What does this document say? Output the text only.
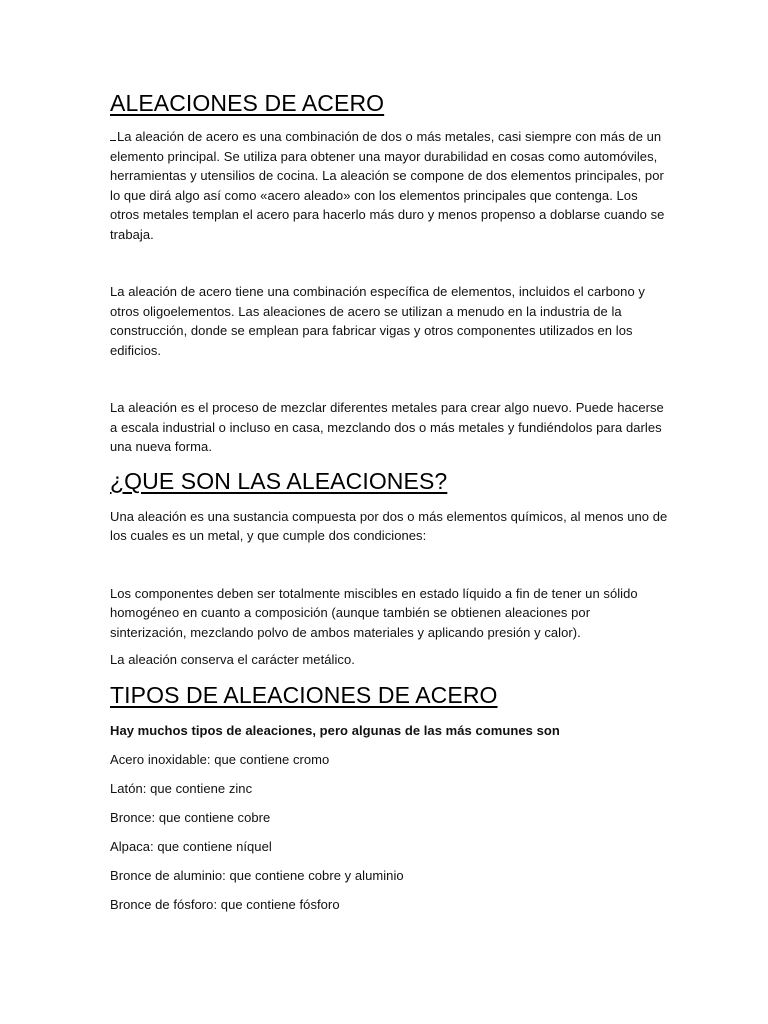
ALEACIONES DE ACERO

La aleación de acero es una combinación de dos o más metales, casi siempre con más de un elemento principal. Se utiliza para obtener una mayor durabilidad en cosas como automóviles, herramientas y utensilios de cocina. La aleación se compone de dos elementos principales, por lo que dirá algo así como «acero aleado» con los elementos principales que contenga. Los otros metales templan el acero para hacerlo más duro y menos propenso a doblarse cuando se trabaja.

La aleación de acero tiene una combinación específica de elementos, incluidos el carbono y otros oligoelementos. Las aleaciones de acero se utilizan a menudo en la industria de la construcción, donde se emplean para fabricar vigas y otros componentes utilizados en los edificios.

La aleación es el proceso de mezclar diferentes metales para crear algo nuevo. Puede hacerse a escala industrial o incluso en casa, mezclando dos o más metales y fundiéndolos para darles una nueva forma.

¿QUE SON LAS ALEACIONES?

Una aleación es una sustancia compuesta por dos o más elementos químicos, al menos uno de los cuales es un metal, y que cumple dos condiciones:

Los componentes deben ser totalmente miscibles en estado líquido a fin de tener un sólido homogéneo en cuanto a composición (aunque también se obtienen aleaciones por sinterización, mezclando polvo de ambos materiales y aplicando presión y calor).

La aleación conserva el carácter metálico.

TIPOS DE ALEACIONES DE ACERO

Hay muchos tipos de aleaciones, pero algunas de las más comunes son

Acero inoxidable: que contiene cromo

Latón: que contiene zinc

Bronce: que contiene cobre

Alpaca: que contiene níquel

Bronce de aluminio: que contiene cobre y aluminio

Bronce de fósforo: que contiene fósforo
